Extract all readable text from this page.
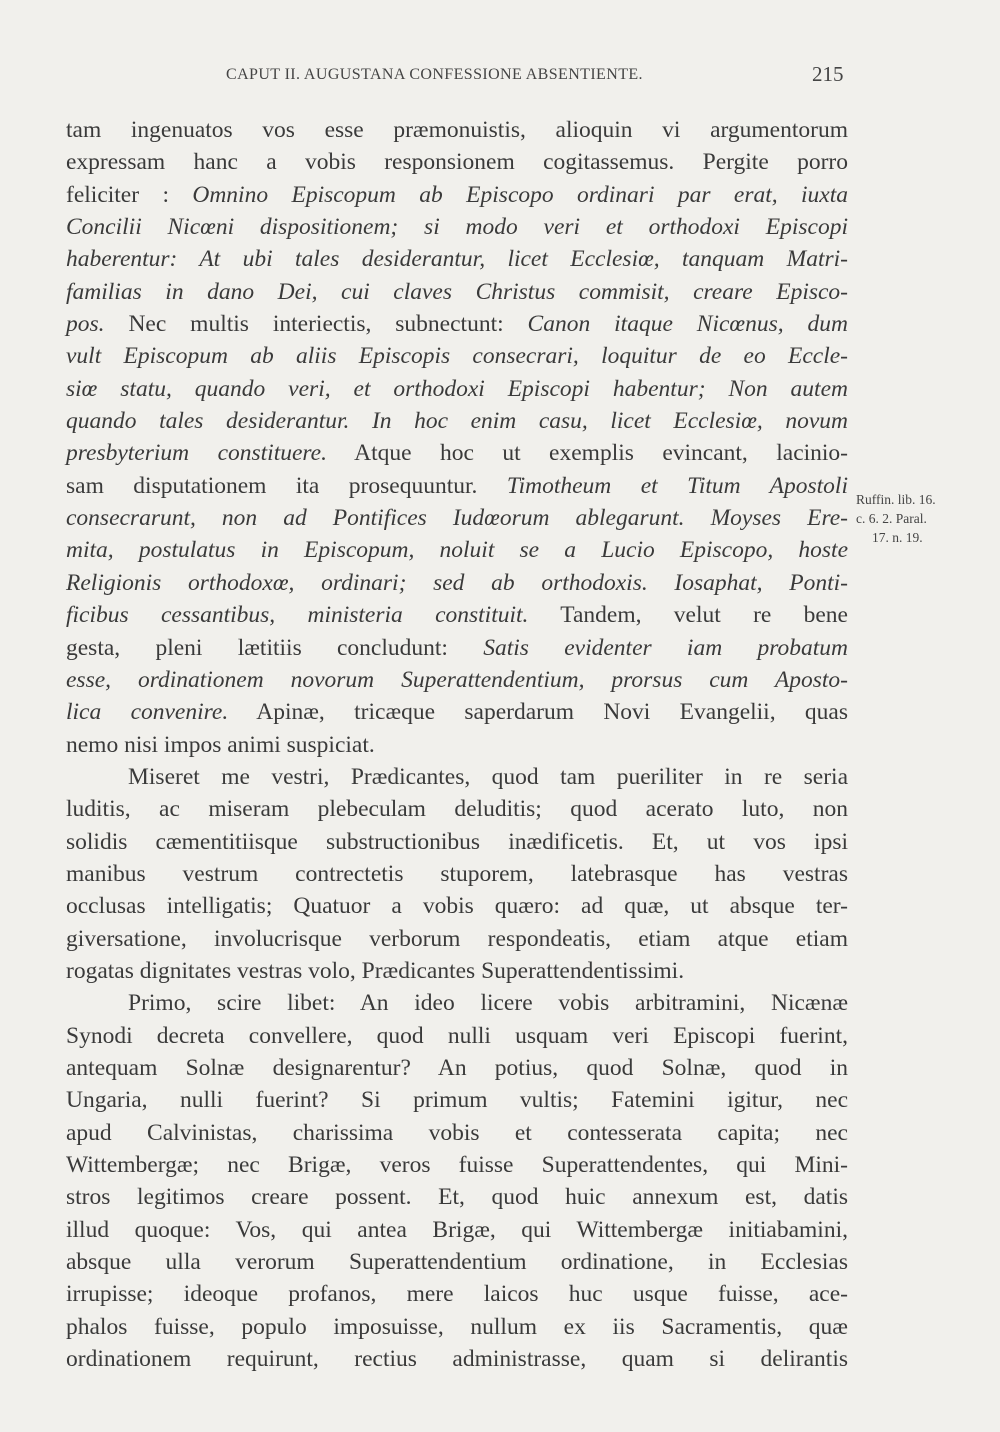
CAPUT II. AUGUSTANA CONFESSIONE ABSENTIENTE.	215
tam ingenuatos vos esse præmonuistis, alioquin vi argumentorum
expressam hanc a vobis responsionem cogitassemus. Pergite porro
feliciter : Omnino Episcopum ab Episcopo ordinari par erat, iuxta
Concilii Nicœni dispositionem; si modo veri et orthodoxi Episcopi
haberentur: At ubi tales desiderantur, licet Ecclesiœ, tanquam Matri-
familias in dano Dei, cui claves Christus commisit, creare Episco-
pos. Nec multis interiectis, subnectunt: Canon itaque Nicœnus, dum
vult Episcopum ab aliis Episcopis consecrari, loquitur de eo Eccle-
siœ statu, quando veri, et orthodoxi Episcopi habentur; Non autem
quando tales desiderantur. In hoc enim casu, licet Ecclesiœ, novum
presbyterium constituere. Atque hoc ut exemplis evincant, lacinio-
sam disputationem ita prosequuntur. Timotheum et Titum Apostoli
consecrarunt, non ad Pontifices Iudœorum ablegarunt. Moyses Ere-
mita, postulatus in Episcopum, noluit se a Lucio Episcopo, hoste
Religionis orthodoxœ, ordinari; sed ab orthodoxis. Iosaphat, Ponti-
ficibus cessantibus, ministeria constituit. Tandem, velut re bene
gesta, pleni lætitiis concludunt: Satis evidenter iam probatum
esse, ordinationem novorum Superattendentium, prorsus cum Aposto-
lica convenire. Apinæ, tricæque saperdarum Novi Evangelii, quas
nemo nisi impos animi suspiciat.
Miseret me vestri, Prædicantes, quod tam pueriliter in re seria
luditis, ac miseram plebeculam deluditis; quod acerato luto, non
solidis cæmentitiisque substructionibus inædificetis. Et, ut vos ipsi
manibus vestrum contrectetis stuporem, latebrasque has vestras
occlusas intelligatis; Quatuor a vobis quæro: ad quæ, ut absque ter-
giversatione, involucrisque verborum respondeatis, etiam atque etiam
rogatas dignitates vestras volo, Prædicantes Superattendentissimi.
Primo, scire libet: An ideo licere vobis arbitramini, Nicænæ
Synodi decreta convellere, quod nulli usquam veri Episcopi fuerint,
antequam Solnæ designarentur? An potius, quod Solnæ, quod in
Ungaria, nulli fuerint? Si primum vultis; Fatemini igitur, nec
apud Calvinistas, charissima vobis et contesserata capita; nec
Wittembergæ; nec Brigæ, veros fuisse Superattendentes, qui Mini-
stros legitimos creare possent. Et, quod huic annexum est, datis
illud quoque: Vos, qui antea Brigæ, qui Wittembergæ initiabamini,
absque ulla verorum Superattendentium ordinatione, in Ecclesias
irrupisse; ideoque profanos, mere laicos huc usque fuisse, ace-
phalos fuisse, populo imposuisse, nullum ex iis Sacramentis, quæ
ordinationem requirunt, rectius administrasse, quam si delirantis
Ruffin. lib. 16.
c. 6. 2. Paral.
17. n. 19.
